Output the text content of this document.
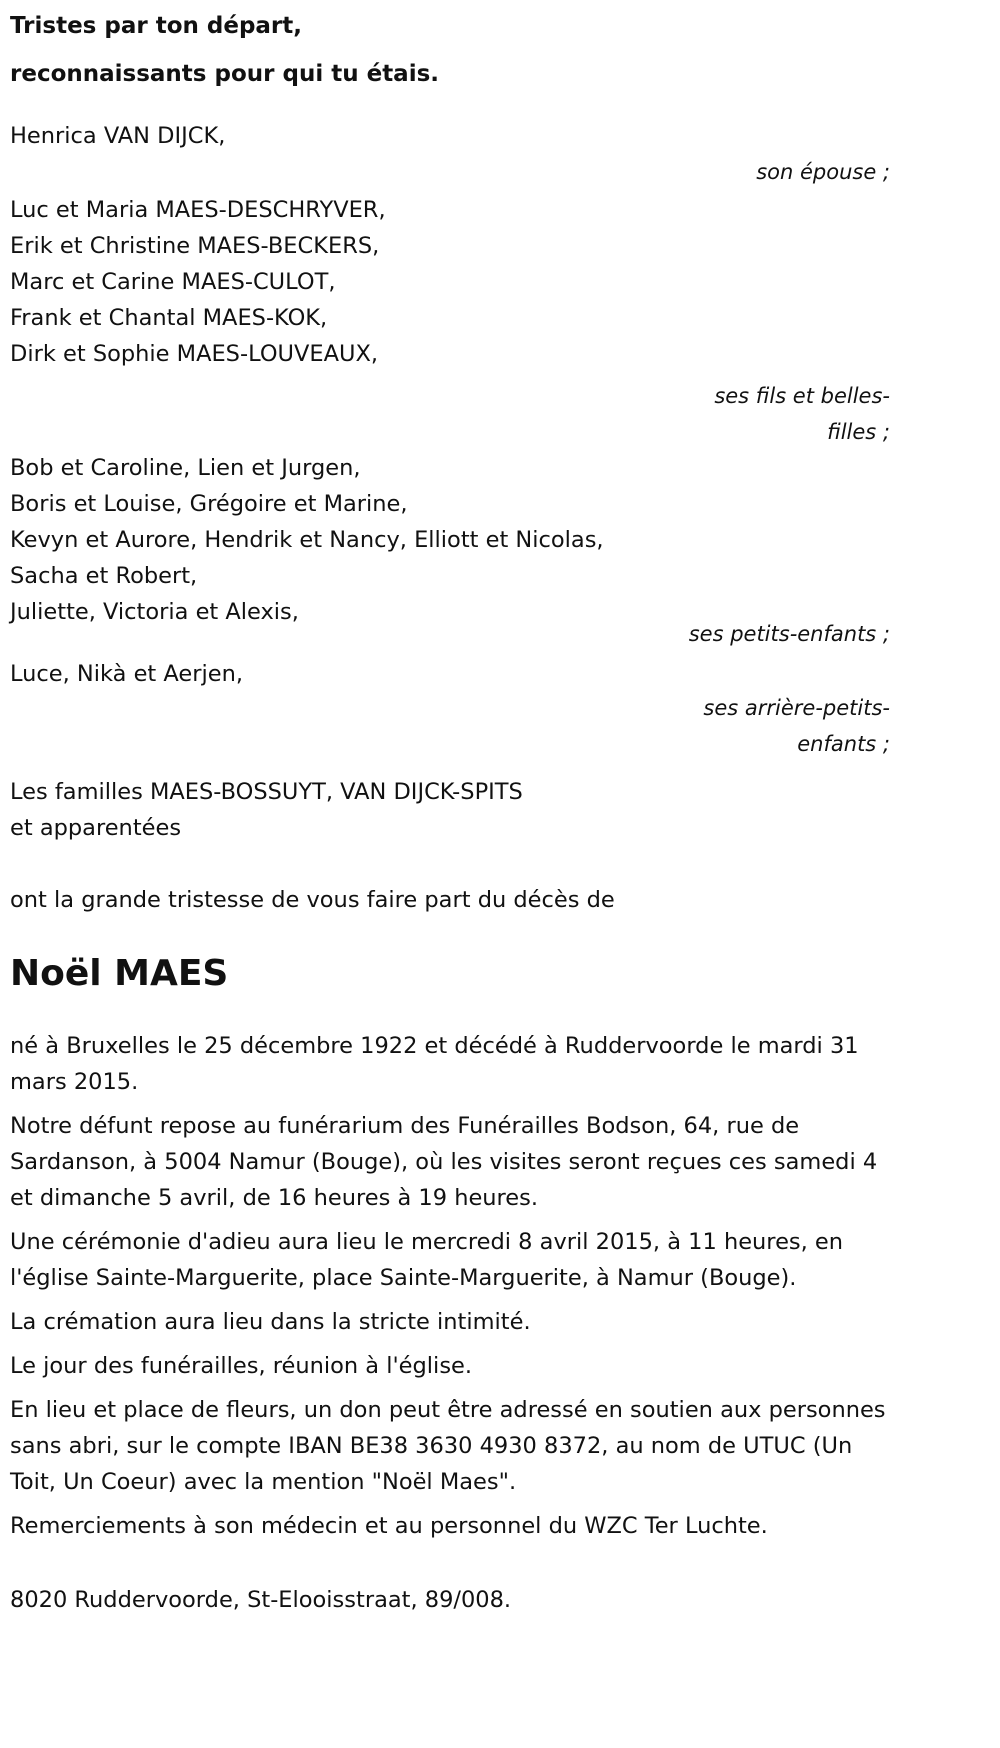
Tristes par ton départ,

reconnaissants pour qui tu étais.

Henrica VAN DIJCK,

son épouse ;

Luc et Maria MAES-DESCHRYVER,

Erik et Christine MAES-BECKERS,

Marc et Carine MAES-CULOT,

Frank et Chantal MAES-KOK,

Dirk et Sophie MAES-LOUVEAUX,

ses fils et belles-
filles ;

Bob et Caroline, Lien et Jurgen,

Boris et Louise, Grégoire et Marine,

Kevyn et Aurore, Hendrik et Nancy, Elliott et Nicolas,

Sacha et Robert,

Juliette, Victoria et Alexis,

ses petits-enfants ;

Luce, Nikà et Aerjen,

ses arrière-petits-
enfants ;

Les familles MAES-BOSSUYT, VAN DIJCK-SPITS

et apparentées

ont la grande tristesse de vous faire part du décès de

Noël MAES

né à Bruxelles le 25 décembre 1922 et décédé à Ruddervoorde le mardi 31 mars 2015.

Notre défunt repose au funérarium des Funérailles Bodson, 64, rue de Sardanson, à 5004 Namur (Bouge), où les visites seront reçues ces samedi 4 et dimanche 5 avril, de 16 heures à 19 heures.

Une cérémonie d'adieu aura lieu le mercredi 8 avril 2015, à 11 heures, en l'église Sainte-Marguerite, place Sainte-Marguerite, à Namur (Bouge).

La crémation aura lieu dans la stricte intimité.

Le jour des funérailles, réunion à l'église.

En lieu et place de fleurs, un don peut être adressé en soutien aux personnes sans abri, sur le compte IBAN BE38 3630 4930 8372, au nom de UTUC (Un Toit, Un Coeur) avec la mention "Noël Maes".

Remerciements à son médecin et au personnel du WZC Ter Luchte.

8020 Ruddervoorde, St-Elooisstraat, 89/008.
